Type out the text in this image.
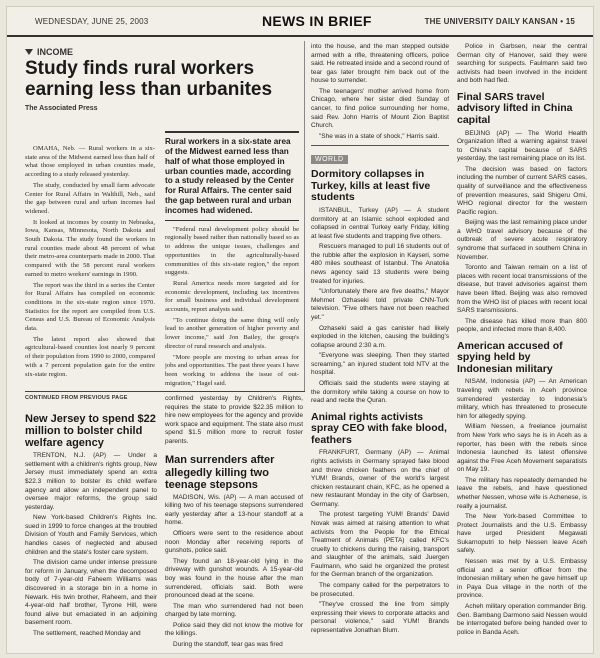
WEDNESDAY, JUNE 25, 2003	NEWS IN BRIEF	THE UNIVERSITY DAILY KANSAN • 15
INCOME
Study finds rural workers earning less than urbanites
The Associated Press

OMAHA, Neb. — Rural workers in a six-state area of the Midwest earned less than half of what those employed in urban counties made, according to a study released yesterday.

The study, conducted by small farm advocate Center for Rural Affairs in Walthill, Neb., said the gap between rural and urban incomes had widened.

It looked at incomes by county in Nebraska, Iowa, Kansas, Minnesota, North Dakota and South Dakota. The study found the workers in rural counties made about 48 percent of what their metro-area counterparts made in 2000. That compared with the 58 percent rural workers earned to metro workers' earnings in 1990.

The report was the third in a series the Center for Rural Affairs has compiled on economic conditions in the six-state region since 1970. Statistics for the report are compiled from U.S. Census and U.S. Bureau of Economic Analysis data.

The latest report also showed that agricultural-based counties lost nearly 9 percent of their population from 1990 to 2000, compared with a 7 percent population gain for the entire six-state region.

Rural workers in a six-state area of the Midwest earned less than half of what those employed in urban counties made, according to a study released by the Center for Rural Affairs. The center said the gap between rural and urban incomes had widened.

"Federal rural development policy should be regionally based rather than nationally based so as to address the unique issues, challenges and opportunities in the agriculturally-based communities of this six-state region," the report suggests.

Rural America needs more targeted aid for economic development, including tax incentives for small business and individual development accounts, report analysts said.

"To continue doing the same thing will only lead to another generation of higher poverty and lower income," said Jon Bailey, the group's director of rural research and analysis.

"More people are moving to urban areas for jobs and opportunities. The past three years I have been working to address the issue of out-migration," Hagel said.

CONTINUED FROM PREVIOUS PAGE
New Jersey to spend $22 million to bolster child welfare agency

TRENTON, N.J. (AP) — Under a settlement with a children's rights group, New Jersey must immediately spend an extra $22.3 million to bolster its child welfare agency and allow an independent panel to oversee major reforms, the group said yesterday.

New York-based Children's Rights Inc. sued in 1999 to force changes at the troubled Division of Youth and Family Services, which handles cases of neglected and abused children and the state's foster care system.

The division came under intense pressure for reform in January, when the decomposed body of 7-year-old Faheem Williams was discovered in a storage bin in a home in Newark. His twin brother, Raheem, and their 4-year-old half brother, Tyrone Hill, were found alive but emaciated in an adjoining basement room.

The settlement, reached Monday and

confirmed yesterday by Children's Rights, requires the state to provide $22.35 million to hire new employees for the agency and provide work space and equipment. The state also must spend $1.5 million more to recruit foster parents.

Man surrenders after allegedly killing two teenage stepsons

MADISON, Wis. (AP) — A man accused of killing two of his teenage stepsons surrendered early yesterday after a 13-hour standoff at a home.

Officers were sent to the residence about noon Monday after receiving reports of gunshots, police said.

They found an 18-year-old lying in the driveway with gunshot wounds. A 15-year-old boy was found in the house after the man surrendered, officials said. Both were pronounced dead at the scene.

The man who surrendered had not been charged by late morning.

Police said they did not know the motive for the killings.

During the standoff, tear gas was fired

into the house, and the man stepped outside armed with a rifle, threatening officers, police said. He retreated inside and a second round of tear gas later brought him back out of the house to surrender.

The teenagers' mother arrived home from Chicago, where her sister died Sunday of cancer, to find police surrounding her home, said Rev. John Harris of Mount Zion Baptist Church.

"She was in a state of shock," Harris said.

WORLD
Dormitory collapses in Turkey, kills at least five students

ISTANBUL, Turkey (AP) — A student dormitory at an Islamic school exploded and collapsed in central Turkey early Friday, killing at least five students and trapping five others.

Rescuers managed to pull 16 students out of the rubble after the explosion in Kayseri, some 480 miles southeast of Istanbul. The Anatolia news agency said 13 students were being treated for injuries.

"Unfortunately there are five deaths," Mayor Mehmet Ozhaseki told private CNN-Turk television. "Five others have not been reached yet."

Ozhaseki said a gas canister had likely exploded in the kitchen, causing the building's collapse around 2:30 a.m.

"Everyone was sleeping. Then they started screaming," an injured student told NTV at the hospital.

Officials said the students were staying at the dormitory while taking a course on how to read and recite the Quran.

Animal rights activists spray CEO with fake blood, feathers

FRANKFURT, Germany (AP) — Animal rights activists in Germany sprayed fake blood and threw chicken feathers on the chief of YUM! Brands, owner of the world's largest chicken restaurant chain, KFC, as he opened a new restaurant Monday in the city of Garbsen, Germany.

The protest targeting YUM! Brands' David Novak was aimed at raising attention to what activists from the People for the Ethical Treatment of Animals (PETA) called KFC's cruelty to chickens during the raising, transport and slaughter of the animals, said Juergen Faulmann, who said he organized the protest for the German branch of the organization.

The company called for the perpetrators to be prosecuted.

"They've crossed the line from simply expressing their views to corporate attacks and personal violence," said YUM! Brands representative Jonathan Blum.

Police in Garbsen, near the central German city of Hanover, said they were searching for suspects. Faulmann said two activists had been involved in the incident and both had fled.

Final SARS travel advisory lifted in China capital

BEIJING (AP) — The World Health Organization lifted a warning against travel to China's capital because of SARS yesterday, the last remaining place on its list.

The decision was based on factors including the number of current SARS cases, quality of surveillance and the effectiveness of prevention measures, said Shigeru Omi, WHO regional director for the western Pacific region.

Beijing was the last remaining place under a WHO travel advisory because of the outbreak of severe acute respiratory syndrome that surfaced in southern China in November.

Toronto and Taiwan remain on a list of places with recent local transmissions of the disease, but travel advisories against them have been lifted. Beijing was also removed from the WHO list of places with recent local SARS transmissions.

The disease has killed more than 800 people, and infected more than 8,400.

American accused of spying held by Indonesian military

NISAM, Indonesia (AP) — An American traveling with rebels in Aceh province surrendered yesterday to Indonesia's military, which has threatened to prosecute him for allegedly spying.

William Nessen, a freelance journalist from New York who says he is in Aceh as a reporter, has been with the rebels since Indonesia launched its latest offensive against the Free Aceh Movement separatists on May 19.

The military has repeatedly demanded he leave the rebels, and have questioned whether Nessen, whose wife is Achenese, is really a journalist.

The New York-based Committee to Protect Journalists and the U.S. Embassy have urged President Megawati Sukarnoputri to help Nessen leave Aceh safely.

Nessen was met by a U.S. Embassy official and a senior officer from the Indonesian military when he gave himself up in Paya Dua village in the north of the province.

Acheh military operation commander Brig. Gen. Bambang Darmono said Nessen would be interrogated before being handed over to police in Banda Aceh.
